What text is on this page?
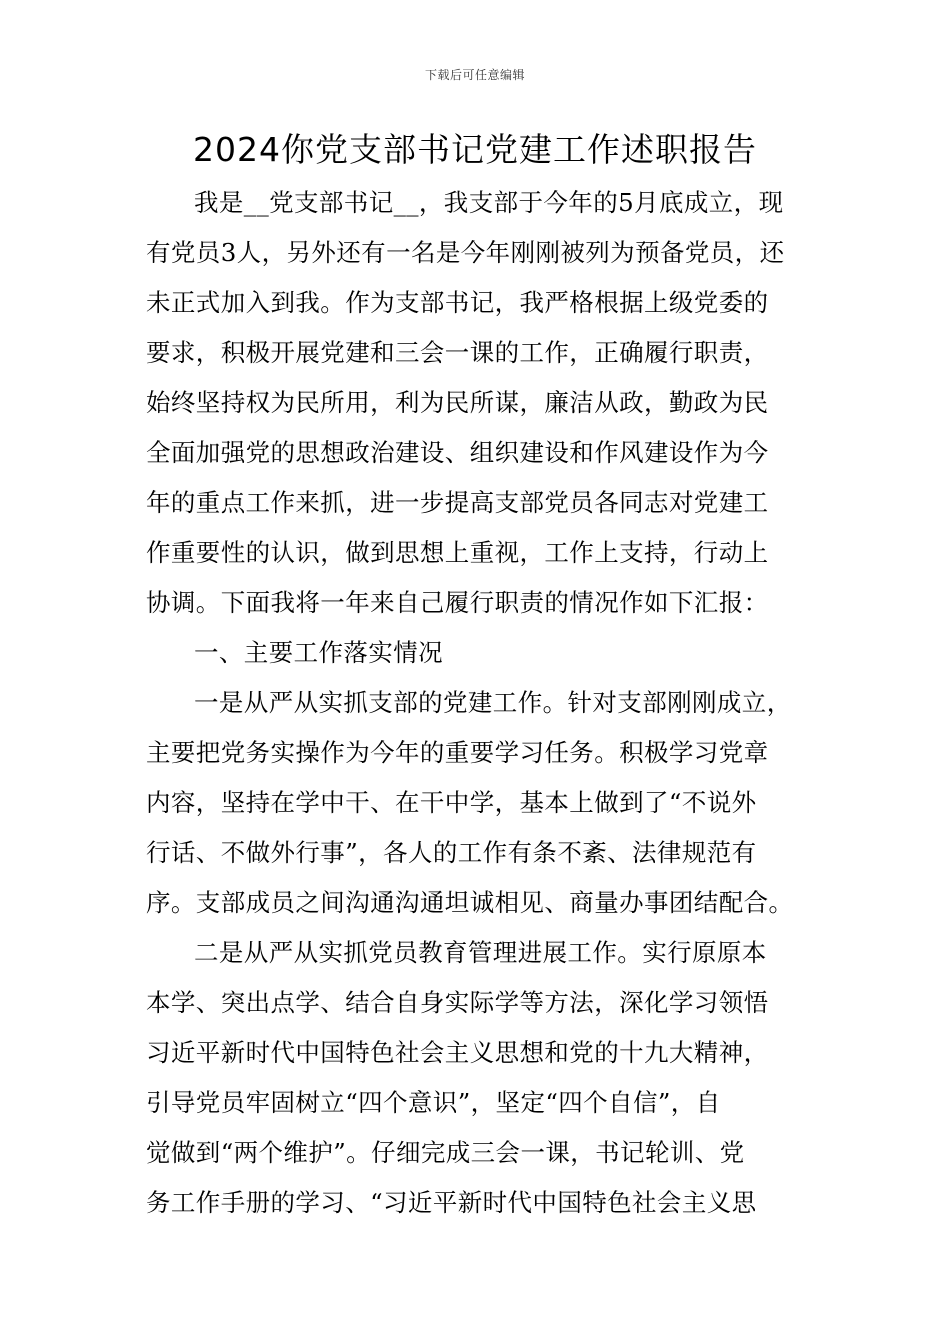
下载后可任意编辑
2024你党支部书记党建工作述职报告
我是__党支部书记__，我支部于今年的5月底成立，现
有党员3人，另外还有一名是今年刚刚被列为预备党员，还
未正式加入到我。作为支部书记，我严格根据上级党委的
要求，积极开展党建和三会一课的工作，正确履行职责，
始终坚持权为民所用，利为民所谋，廉洁从政，勤政为民
全面加强党的思想政治建设、组织建设和作风建设作为今
年的重点工作来抓，进一步提高支部党员各同志对党建工
作重要性的认识，做到思想上重视，工作上支持，行动上
协调。下面我将一年来自己履行职责的情况作如下汇报：
一、主要工作落实情况
一是从严从实抓支部的党建工作。针对支部刚刚成立，
主要把党务实操作为今年的重要学习任务。积极学习党章
内容，坚持在学中干、在干中学，基本上做到了“不说外
行话、不做外行事”，各人的工作有条不紊、法律规范有
序。支部成员之间沟通沟通坦诚相见、商量办事团结配合。
二是从严从实抓党员教育管理进展工作。实行原原本
本学、突出点学、结合自身实际学等方法，深化学习领悟
习近平新时代中国特色社会主义思想和党的十九大精神，
引导党员牢固树立“四个意识”，坚定“四个自信”，自
觉做到“两个维护”。仔细完成三会一课，书记轮训、党
务工作手册的学习、“习近平新时代中国特色社会主义思
